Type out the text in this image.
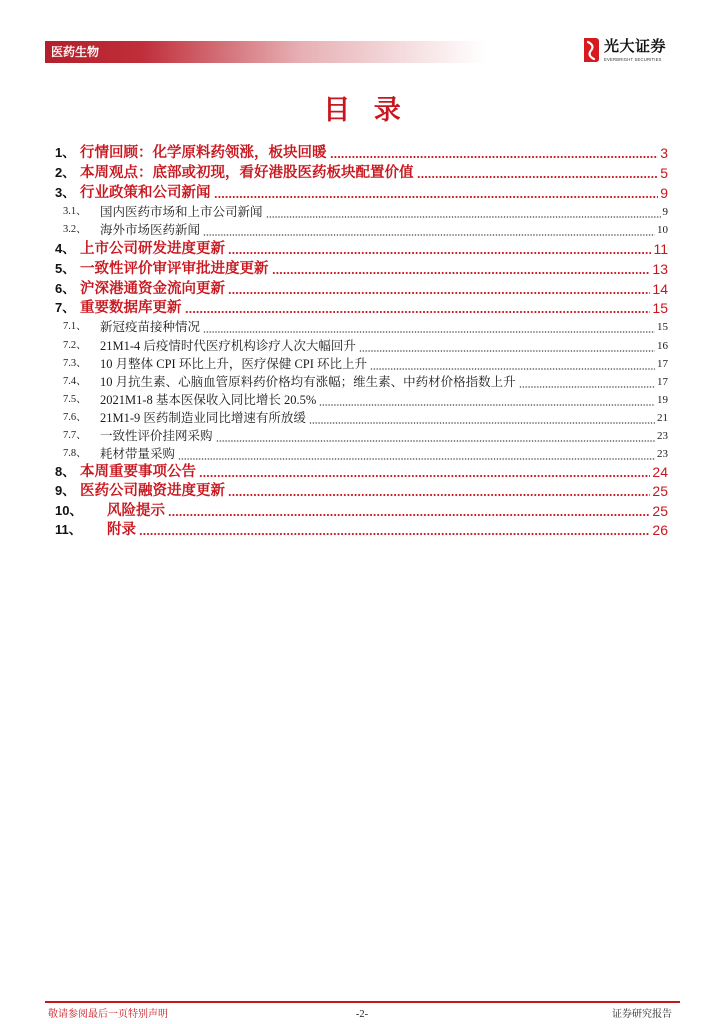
医药生物	光大证券
EVERBRIGHT SECURITIES
目 录
1、 行情回顾：化学原料药领涨，板块回暖	3
2、 本周观点：底部或初现，看好港股医药板块配置价值	5
3、 行业政策和公司新闻	9
3.1、	国内医药市场和上市公司新闻	9
3.2、	海外市场医药新闻	10
4、 上市公司研发进度更新	11
5、 一致性评价审评审批进度更新	13
6、 沪深港通资金流向更新	14
7、 重要数据库更新	15
7.1、	新冠疫苗接种情况	15
7.2、	21M1-4 后疫情时代医疗机构诊疗人次大幅回升	16
7.3、	10 月整体 CPI 环比上升，医疗保健 CPI 环比上升	17
7.4、	10 月抗生素、心脑血管原料药价格均有涨幅；维生素、中药材价格指数上升	17
7.5、	2021M1-8 基本医保收入同比增长 20.5%	19
7.6、	21M1-9 医药制造业同比增速有所放缓	21
7.7、	一致性评价挂网采购	23
7.8、	耗材带量采购	23
8、 本周重要事项公告	24
9、 医药公司融资进度更新	25
10、	风险提示	25
11、	附录	26
敬请参阅最后一页特别声明	-2-	证券研究报告
